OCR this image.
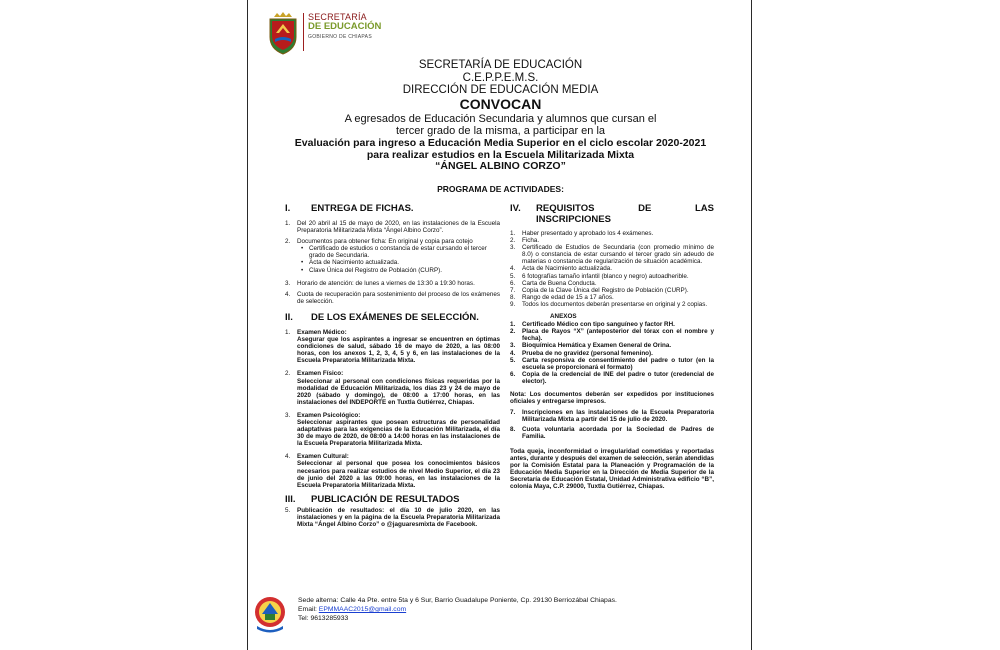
SECRETARÍA
DE EDUCACIÓN
GOBIERNO DE CHIAPAS
SECRETARÍA DE EDUCACIÓN
C.E.P.P.E.M.S.
DIRECCIÓN DE EDUCACIÓN MEDIA
CONVOCAN
A egresados de Educación Secundaria y alumnos que cursan el
tercer grado de la misma, a participar en la
Evaluación para ingreso a Educación Media Superior en el ciclo escolar 2020-2021
para realizar estudios en la Escuela Militarizada Mixta
“ÁNGEL ALBINO CORZO”
PROGRAMA DE ACTIVIDADES:
I.	ENTREGA DE FICHAS.
1.	Del 20 abril al 15 de mayo de 2020, en las instalaciones de la Escuela Preparatoria Militarizada Mixta “Ángel Albino Corzo”.
2.	Documentos para obtener ficha: En original y copia para cotejo
• Certificado de estudios o constancia de estar cursando el tercer grado de Secundaria.
• Acta de Nacimiento actualizada.
• Clave Única del Registro de Población (CURP).
3.	Horario de atención: de lunes a viernes de 13:30 a 19:30 horas.
4.	Cuota de recuperación para sostenimiento del proceso de los exámenes de selección.
II.	DE LOS EXÁMENES DE SELECCIÓN.
1.	Examen Médico:
Asegurar que los aspirantes a ingresar se encuentren en óptimas condiciones de salud, sábado 16 de mayo de 2020, a las 08:00 horas, con los anexos 1, 2, 3, 4, 5 y 6, en las instalaciones de la Escuela Preparatoria Militarizada Mixta.
2.	Examen Físico:
Seleccionar al personal con condiciones físicas requeridas por la modalidad de Educación Militarizada, los días 23 y 24 de mayo de 2020 (sábado y domingo), de 08:00 a 17:00 horas, en las instalaciones del INDEPORTE en Tuxtla Gutiérrez, Chiapas.
3.	Examen Psicológico:
Seleccionar aspirantes que posean estructuras de personalidad adaptativas para las exigencias de la Educación Militarizada, el día 30 de mayo de 2020, de 08:00 a 14:00 horas en las instalaciones de la Escuela Preparatoria Militarizada Mixta.
4.	Examen Cultural:
Seleccionar al personal que posea los conocimientos básicos necesarios para realizar estudios de nivel Medio Superior, el día 23 de junio del 2020 a las 09:00 horas, en las instalaciones de la Escuela Preparatoria Militarizada Mixta.
III.	PUBLICACIÓN DE RESULTADOS
5.	Publicación de resultados: el día 10 de julio 2020, en las instalaciones y en la página de la Escuela Preparatoria Militarizada Mixta “Ángel Albino Corzo” o @jaguaresmixta de Facebook.
IV.	REQUISITOS	DE	LAS
INSCRIPCIONES
1.	Haber presentado y aprobado los 4 exámenes.
2.	Ficha.
3.	Certificado de Estudios de Secundaria (con promedio mínimo de 8.0) o constancia de estar cursando el tercer grado sin adeudo de materias o constancia de regularización de situación académica.
4.	Acta de Nacimiento actualizada.
5.	6 fotografías tamaño infantil (blanco y negro) autoadherible.
6.	Carta de Buena Conducta.
7.	Copia de la Clave Única del Registro de Población (CURP).
8.	Rango de edad de 15 a 17 años.
9.	Todos los documentos deberán presentarse en original y 2 copias.
ANEXOS
1.	Certificado Médico con tipo sanguíneo y factor RH.
2.	Placa de Rayos “X” (anteposterior del tórax con el nombre y fecha).
3.	Bioquímica Hemática y Examen General de Orina.
4.	Prueba de no gravidez (personal femenino).
5.	Carta responsiva de consentimiento del padre o tutor (en la escuela se proporcionará el formato)
6.	Copia de la credencial de INE del padre o tutor (credencial de elector).
Nota: Los documentos deberán ser expedidos por instituciones oficiales y entregarse impresos.
7.	Inscripciones en las instalaciones de la Escuela Preparatoria Militarizada Mixta a partir del 15 de julio de 2020.
8.	Cuota voluntaria acordada por la Sociedad de Padres de Familia.
Toda queja, inconformidad o irregularidad cometidas y reportadas antes, durante y después del examen de selección, serán atendidas por la Comisión Estatal para la Planeación y Programación de la Educación Media Superior en la Dirección de Media Superior de la Secretaría de Educación Estatal, Unidad Administrativa edificio “B”, colonia Maya, C.P. 29000, Tuxtla Gutiérrez, Chiapas.
Sede alterna: Calle 4a Pte. entre 5ta y 6 Sur, Barrio Guadalupe Poniente, Cp. 29130 Berriozábal Chiapas.
Email: EPMMAAC2015@gmail.com
Tel: 9613285933
